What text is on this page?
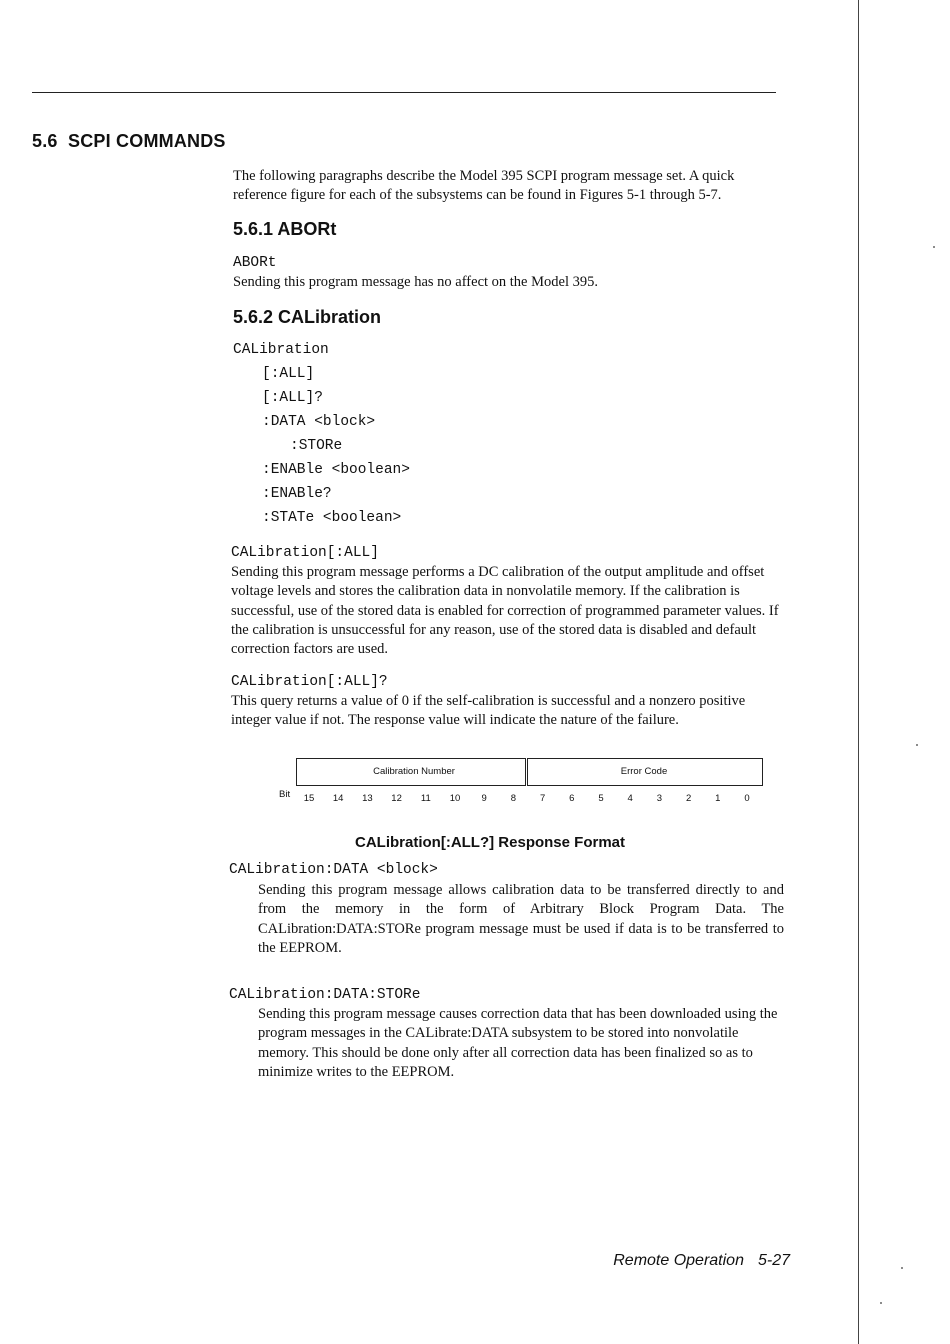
5.6 SCPI COMMANDS
The following paragraphs describe the Model 395 SCPI program message set. A quick reference figure for each of the subsystems can be found in Figures 5-1 through 5-7.
5.6.1 ABORt
ABORt
Sending this program message has no affect on the Model 395.
5.6.2 CALibration
CALibration
[:ALL]
[:ALL]?
:DATA <block>
:STORe
:ENABle <boolean>
:ENABle?
:STATe <boolean>
CALibration[:ALL]
Sending this program message performs a DC calibration of the output amplitude and offset voltage levels and stores the calibration data in nonvolatile memory. If the calibration is successful, use of the stored data is enabled for correction of programmed parameter values. If the calibration is unsuccessful for any reason, use of the stored data is disabled and default correction factors are used.
CALibration[:ALL]?
This query returns a value of 0 if the self-calibration is successful and a nonzero positive integer value if not. The response value will indicate the nature of the failure.
Calibration Number	Error Code
Bit 15 14 13 12 11 10 9	8	7	6	5	4	3	2	1	0
CALibration[:ALL?] Response Format
CALibration:DATA <block>
Sending this program message allows calibration data to be transferred directly to and from the memory in the form of Arbitrary Block Program Data. The CALibration:DATA:STORe program message must be used if data is to be transferred to the EEPROM.
CALibration:DATA:STORe
Sending this program message causes correction data that has been downloaded using the program messages in the CALibrate:DATA subsystem to be stored into nonvolatile memory. This should be done only after all correction data has been finalized so as to minimize writes to the EEPROM.
Remote Operation 5-27
